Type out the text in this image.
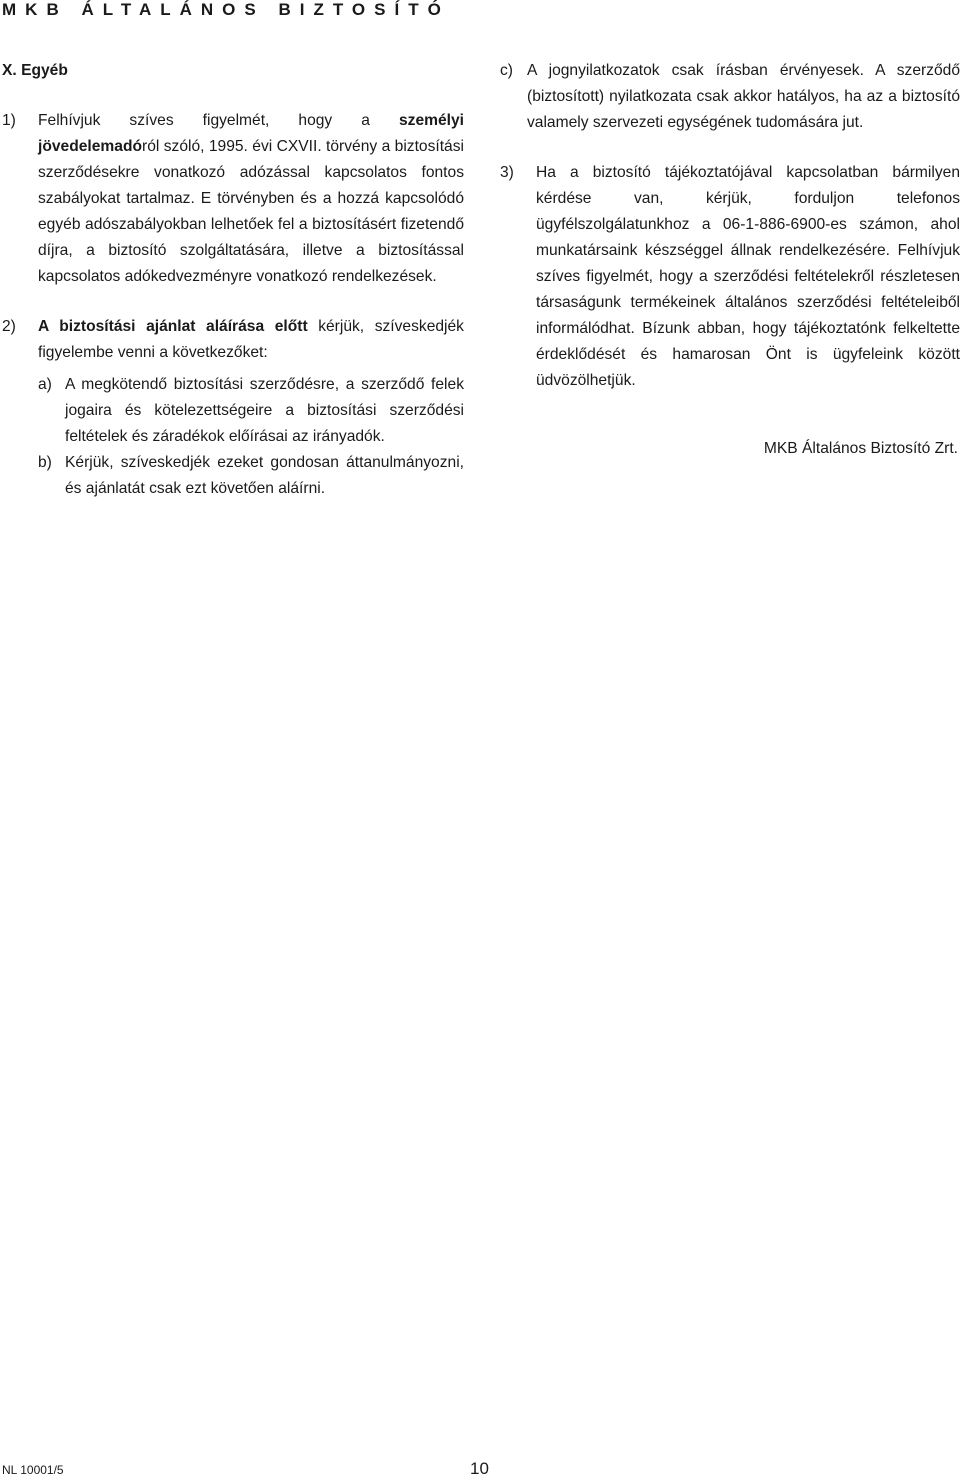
MKB ÁLTALÁNOS BIZTOSÍTÓ

X. Egyéb

1) Felhívjuk szíves figyelmét, hogy a személyi jövedelemadóról szóló, 1995. évi CXVII. törvény a biztosítási szerződésekre vonatkozó adózással kapcsolatos fontos szabályokat tartalmaz. E törvényben és a hozzá kapcsolódó egyéb adószabályokban lelhetőek fel a biztosításért fizetendő díjra, a biztosító szolgáltatására, illetve a biztosítással kapcsolatos adókedvezményre vonatkozó rendelkezések.

2) A biztosítási ajánlat aláírása előtt kérjük, szíveskedjék figyelembe venni a következőket:

a) A megkötendő biztosítási szerződésre, a szerződő felek jogaira és kötelezettségeire a biztosítási szerződési feltételek és záradékok előírásai az irányadók.

b) Kérjük, szíveskedjék ezeket gondosan áttanulmányozni, és ajánlatát csak ezt követően aláírni.

c) A jognyilatkozatok csak írásban érvényesek. A szerződő (biztosított) nyilatkozata csak akkor hatályos, ha az a biztosító valamely szervezeti egységének tudomására jut.

3) Ha a biztosító tájékoztatójával kapcsolatban bármilyen kérdése van, kérjük, forduljon telefonos ügyfélszolgálatunkhoz a 06-1-886-6900-es számon, ahol munkatársaink készséggel állnak rendelkezésére. Felhívjuk szíves figyelmét, hogy a szerződési feltételekről részletesen társaságunk termékeinek általános szerződési feltételeiből informálódhat. Bízunk abban, hogy tájékoztatónk felkeltette érdeklődését és hamarosan Önt is ügyfeleink között üdvözölhetjük.

MKB Általános Biztosító Zrt.

NL 10001/5	10
